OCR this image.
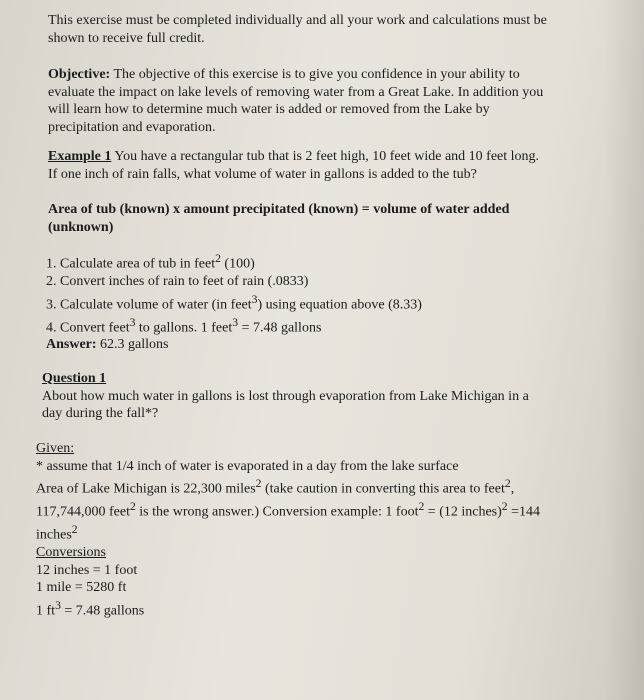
This exercise must be completed individually and all your work and calculations must be

shown to receive full credit.

Objective: The objective of this exercise is to give you confidence in your ability to

evaluate the impact on lake levels of removing water from a Great Lake. In addition you

will learn how to determine much water is added or removed from the Lake by

precipitation and evaporation.

Example 1 You have a rectangular tub that is 2 feet high, 10 feet wide and 10 feet long.

If one inch of rain falls, what volume of water in gallons is added to the tub?

Area of tub (known) x amount precipitated (known) = volume of water added

(unknown)

1. Calculate area of tub in feet$^2$ (100)

2. Convert inches of rain to feet of rain (.0833)

3. Calculate volume of water (in feet$^3$) using equation above (8.33)

4. Convert feet$^3$ to gallons. 1 feet$^3$ = 7.48 gallons

Answer: 62.3 gallons

Question 1

About how much water in gallons is lost through evaporation from Lake Michigan in a

day during the fall*?

Given:

* assume that 1/4 inch of water is evaporated in a day from the lake surface

Area of Lake Michigan is 22,300 miles$^2$ (take caution in converting this area to feet$^2$,

117,744,000 feet$^2$ is the wrong answer.) Conversion example: 1 foot$^2$ = (12 inches)$^2$ =144

inches$^2$

Conversions

12 inches = 1 foot

1 mile = 5280 ft

1 $ft^3 = 7.48$ gallons
